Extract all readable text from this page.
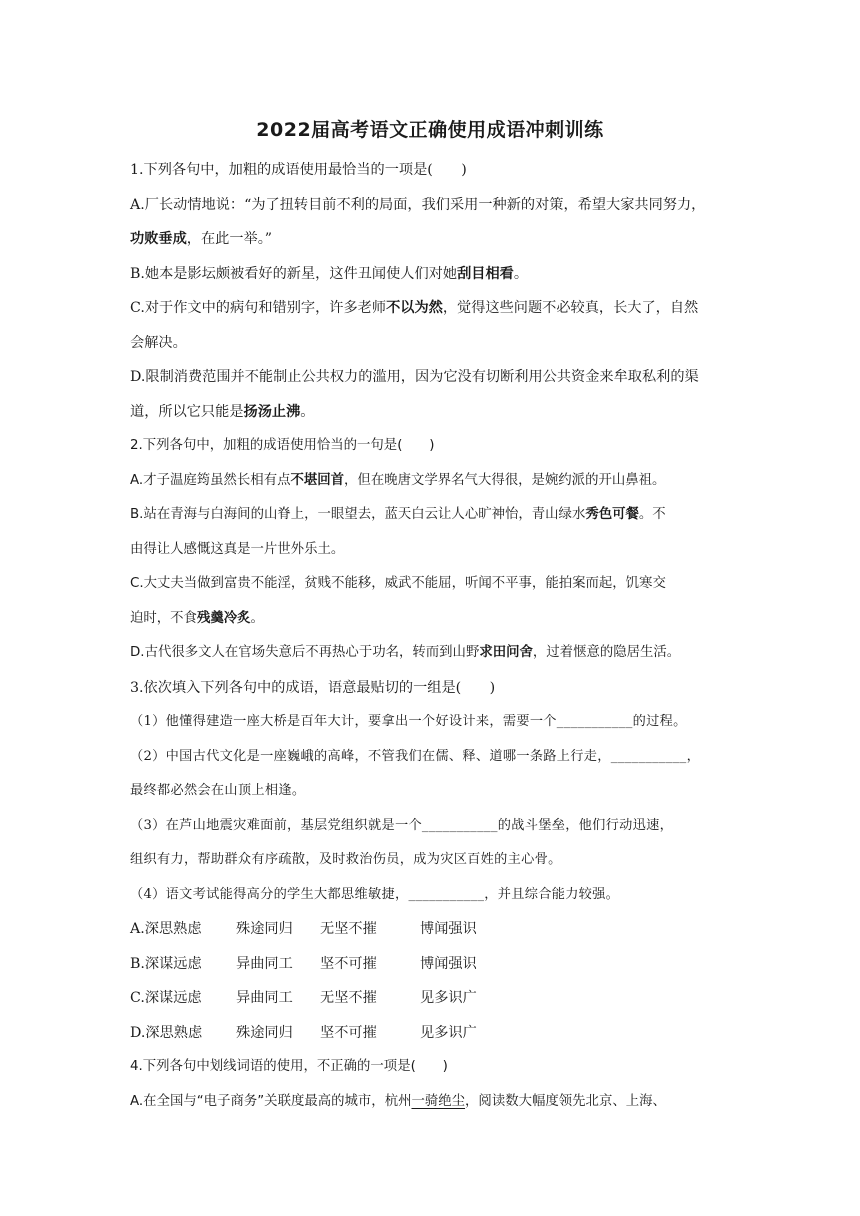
2022届高考语文正确使用成语冲刺训练
1.下列各句中，加粗的成语使用最恰当的一项是(　　)
A.厂长动情地说：“为了扭转目前不利的局面，我们采用一种新的对策，希望大家共同努力，
功败垂成，在此一举。”
B.她本是影坛颇被看好的新星，这件丑闻使人们对她刮目相看。
C.对于作文中的病句和错别字，许多老师不以为然，觉得这些问题不必较真，长大了，自然
会解决。
D.限制消费范围并不能制止公共权力的滥用，因为它没有切断利用公共资金来牟取私利的渠
道，所以它只能是扬汤止沸。
2.下列各句中，加粗的成语使用恰当的一句是(　　)
A.才子温庭筠虽然长相有点不堪回首，但在晚唐文学界名气大得很，是婉约派的开山鼻祖。
B.站在青海与白海间的山脊上，一眼望去，蓝天白云让人心旷神怡，青山绿水秀色可餐。不
由得让人感慨这真是一片世外乐土。
C.大丈夫当做到富贵不能淫，贫贱不能移，威武不能屈，听闻不平事，能拍案而起，饥寒交
迫时，不食残羹冷炙。
D.古代很多文人在官场失意后不再热心于功名，转而到山野求田问舍，过着惬意的隐居生活。
3.依次填入下列各句中的成语，语意最贴切的一组是(　　)
（1）他懂得建造一座大桥是百年大计，要拿出一个好设计来，需要一个___________的过程。
（2）中国古代文化是一座巍峨的高峰，不管我们在儒、释、道哪一条路上行走，___________，
最终都必然会在山顶上相逢。
（3）在芦山地震灾难面前，基层党组织就是一个___________的战斗堡垒，他们行动迅速，
组织有力，帮助群众有序疏散，及时救治伤员，成为灾区百姓的主心骨。
（4）语文考试能得高分的学生大都思维敏捷，___________，并且综合能力较强。
A.深思熟虑 殊途同归 无坚不摧	博闻强识
B.深谋远虑 异曲同工 坚不可摧	博闻强识
C.深谋远虑 异曲同工 无坚不摧	见多识广
D.深思熟虑 殊途同归 坚不可摧	见多识广
4.下列各句中划线词语的使用，不正确的一项是(　　)
A.在全国与“电子商务”关联度最高的城市，杭州一骑绝尘，阅读数大幅度领先北京、上海、
